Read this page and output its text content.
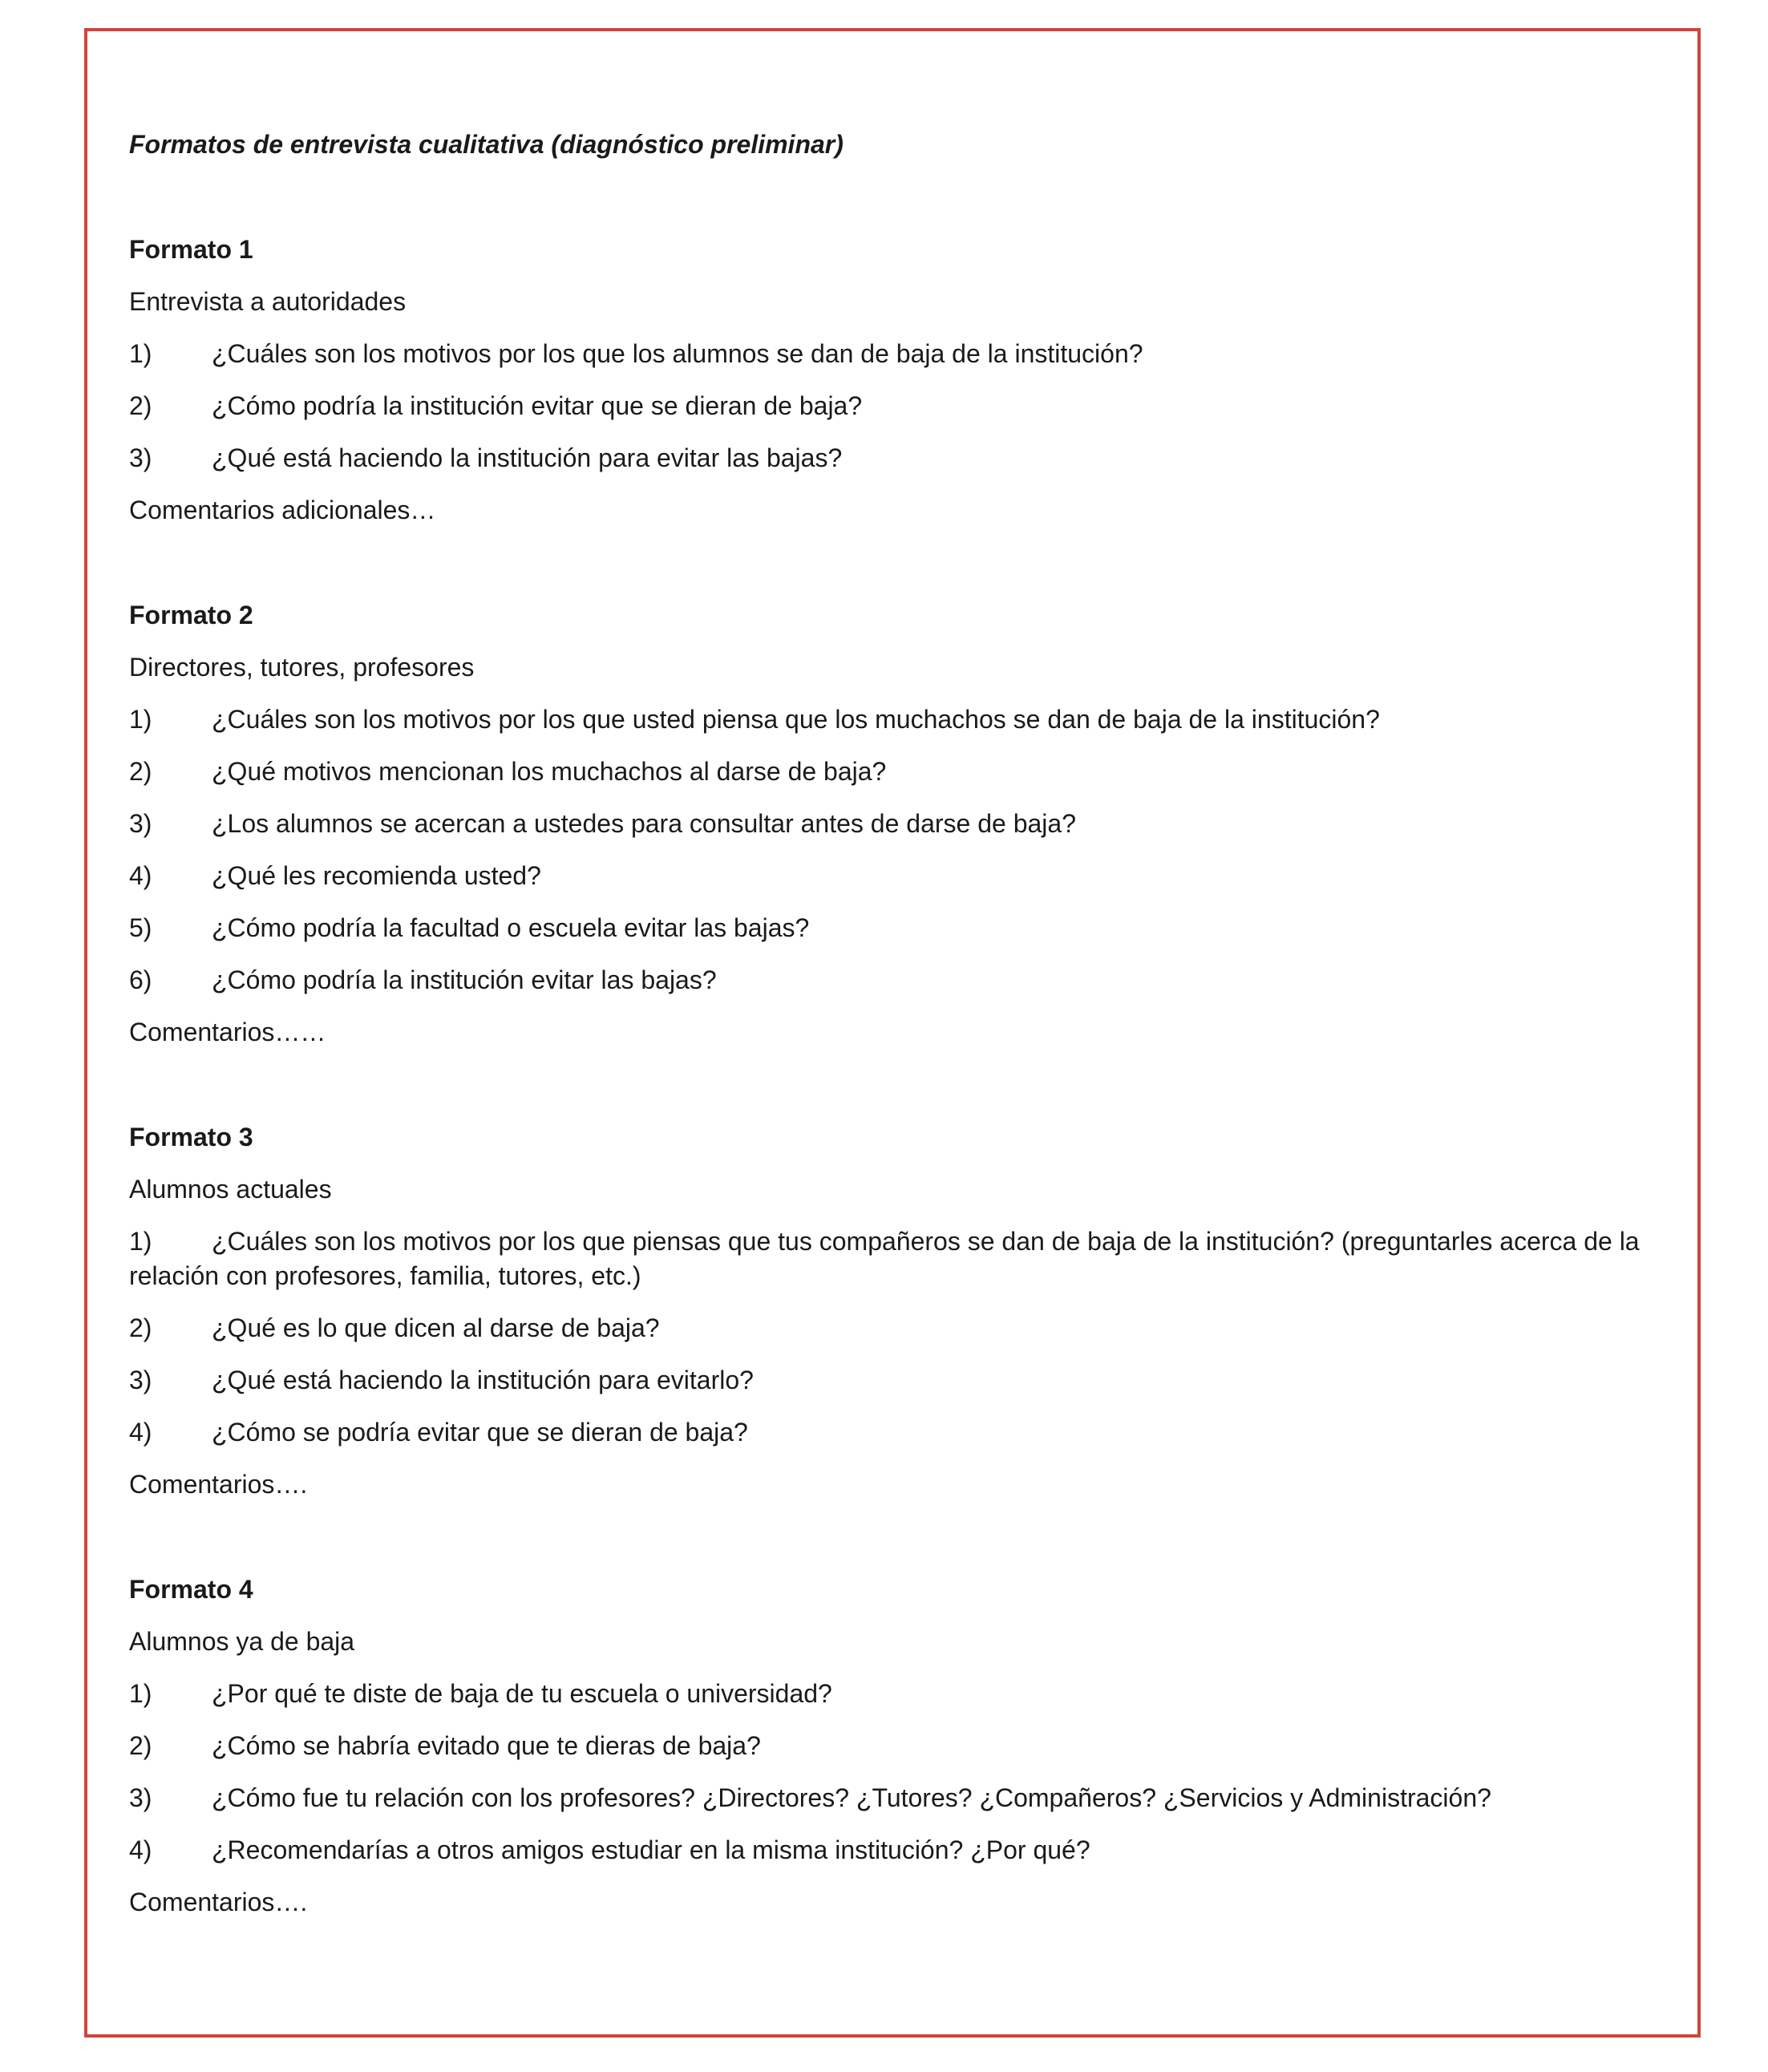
Formatos de entrevista cualitativa (diagnóstico preliminar)

Formato 1

Entrevista a autoridades
1) ¿Cuáles son los motivos por los que los alumnos se dan de baja de la institución?
2) ¿Cómo podría la institución evitar que se dieran de baja?
3) ¿Qué está haciendo la institución para evitar las bajas?
Comentarios adicionales…

Formato 2

Directores, tutores, profesores
1) ¿Cuáles son los motivos por los que usted piensa que los muchachos se dan de baja de la institución?
2) ¿Qué motivos mencionan los muchachos al darse de baja?
3) ¿Los alumnos se acercan a ustedes para consultar antes de darse de baja?
4) ¿Qué les recomienda usted?
5) ¿Cómo podría la facultad o escuela evitar las bajas?
6) ¿Cómo podría la institución evitar las bajas?
Comentarios……

Formato 3

Alumnos actuales
1) ¿Cuáles son los motivos por los que piensas que tus compañeros se dan de baja de la institución? (preguntarles acerca de la relación con profesores, familia, tutores, etc.)
2) ¿Qué es lo que dicen al darse de baja?
3) ¿Qué está haciendo la institución para evitarlo?
4) ¿Cómo se podría evitar que se dieran de baja?
Comentarios….

Formato 4

Alumnos ya de baja
1) ¿Por qué te diste de baja de tu escuela o universidad?
2) ¿Cómo se habría evitado que te dieras de baja?
3) ¿Cómo fue tu relación con los profesores? ¿Directores? ¿Tutores? ¿Compañeros? ¿Servicios y Administración?
4) ¿Recomendarías a otros amigos estudiar en la misma institución? ¿Por qué?
Comentarios….
